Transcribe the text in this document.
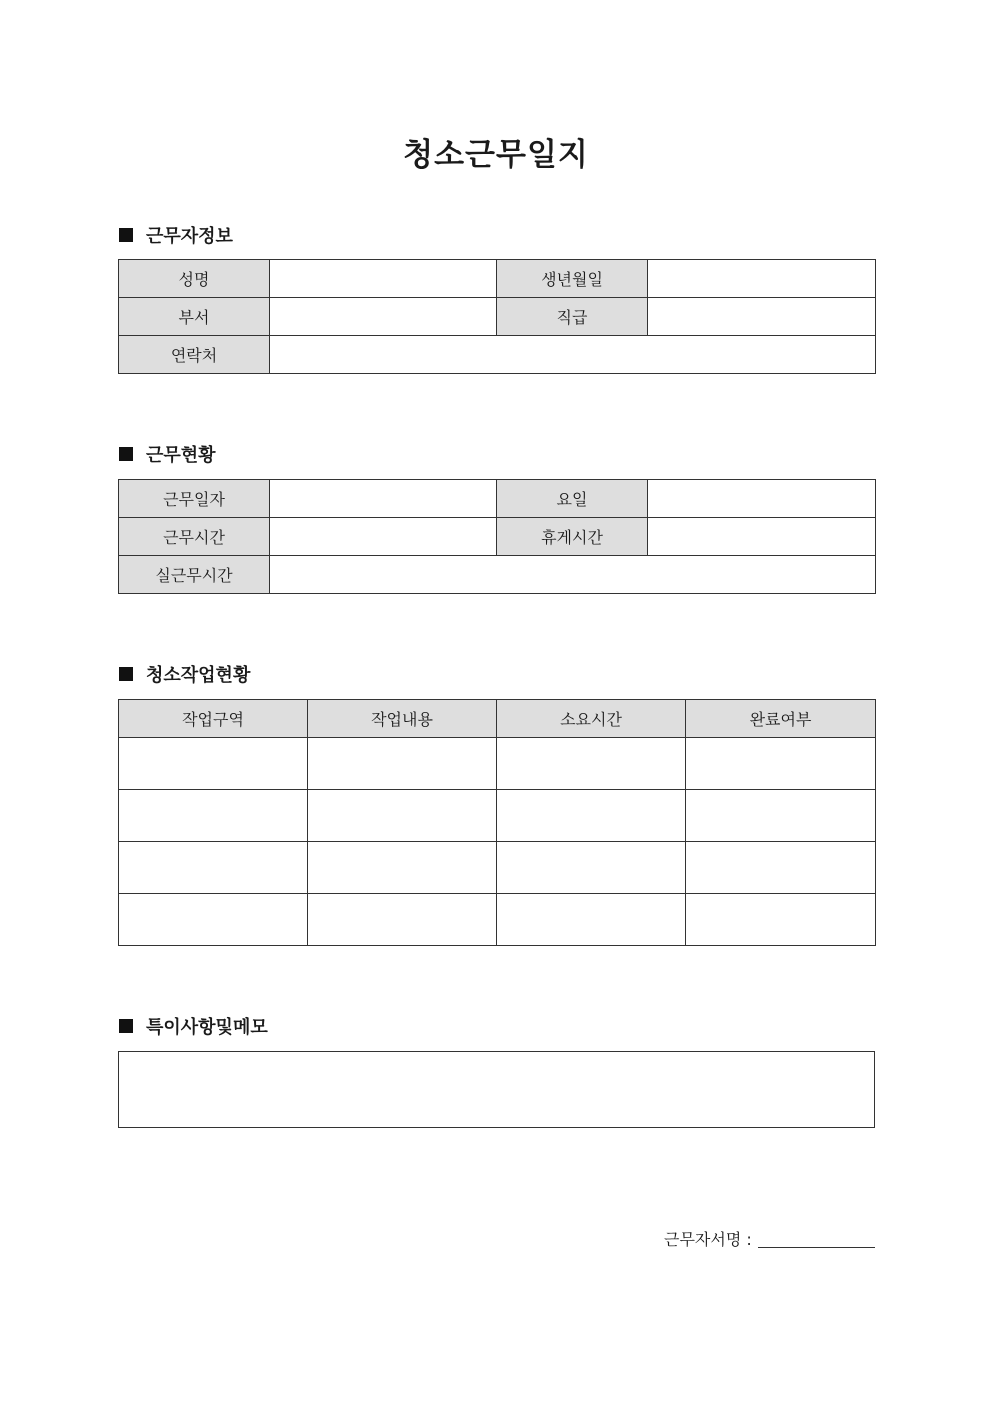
청소근무일지
근무자정보
성명		생년월일	
부서		직급	
연락처			
근무현황
근무일자		요일	
근무시간		휴게시간	
실근무시간			
청소작업현황
작업구역	작업내용	소요시간	완료여부

특이사항및메모
근무자서명 :
